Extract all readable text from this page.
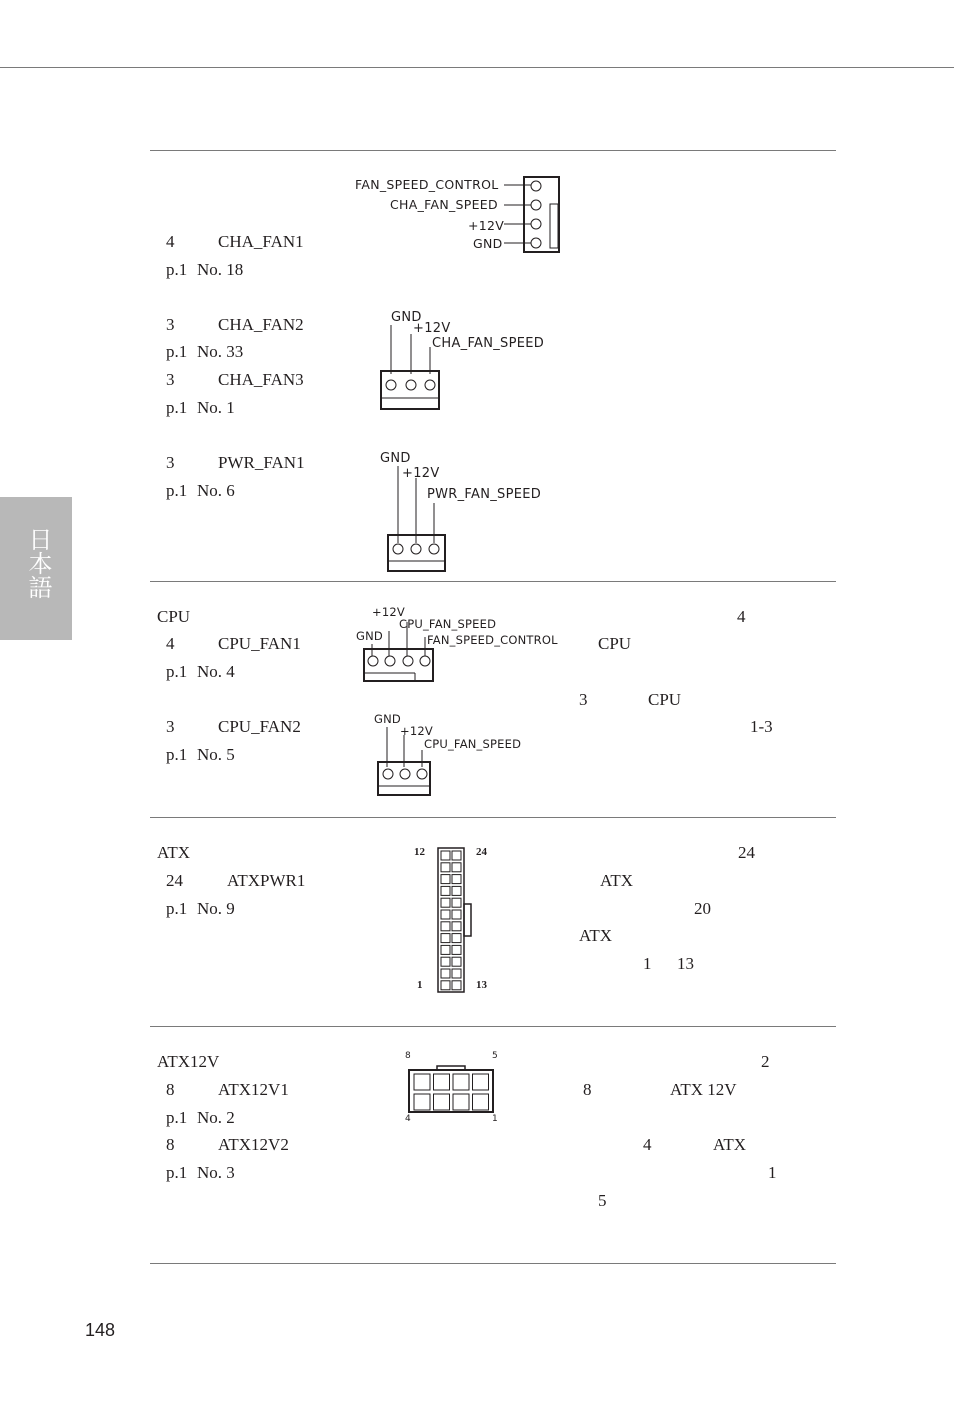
日本語
4	CHA_FAN1
p.1 No. 18
FAN_SPEED_CONTROL
CHA_FAN_SPEED
+12V
GND
3	CHA_FAN2
p.1 No. 33
3	CHA_FAN3
p.1 No. 1
GND
+12V
CHA_FAN_SPEED
3	PWR_FAN1
p.1 No. 6
GND
+12V
PWR_FAN_SPEED
CPU
4	CPU_FAN1
p.1 No. 4
3	CPU_FAN2
p.1 No. 5
4
CPU
3	CPU
1-3
+12V
CPU_FAN_SPEED
GND	FAN_SPEED_CONTROL
GND
+12V
CPU_FAN_SPEED
ATX
24	ATXPWR1
p.1 No. 9
24
ATX
20
ATX
1 13
12	24
1	13
ATX12V
8	ATX12V1
p.1 No. 2
8	ATX12V2
p.1 No. 3
2
8	ATX 12V
4	ATX
1
5
8	5
4	1
148
